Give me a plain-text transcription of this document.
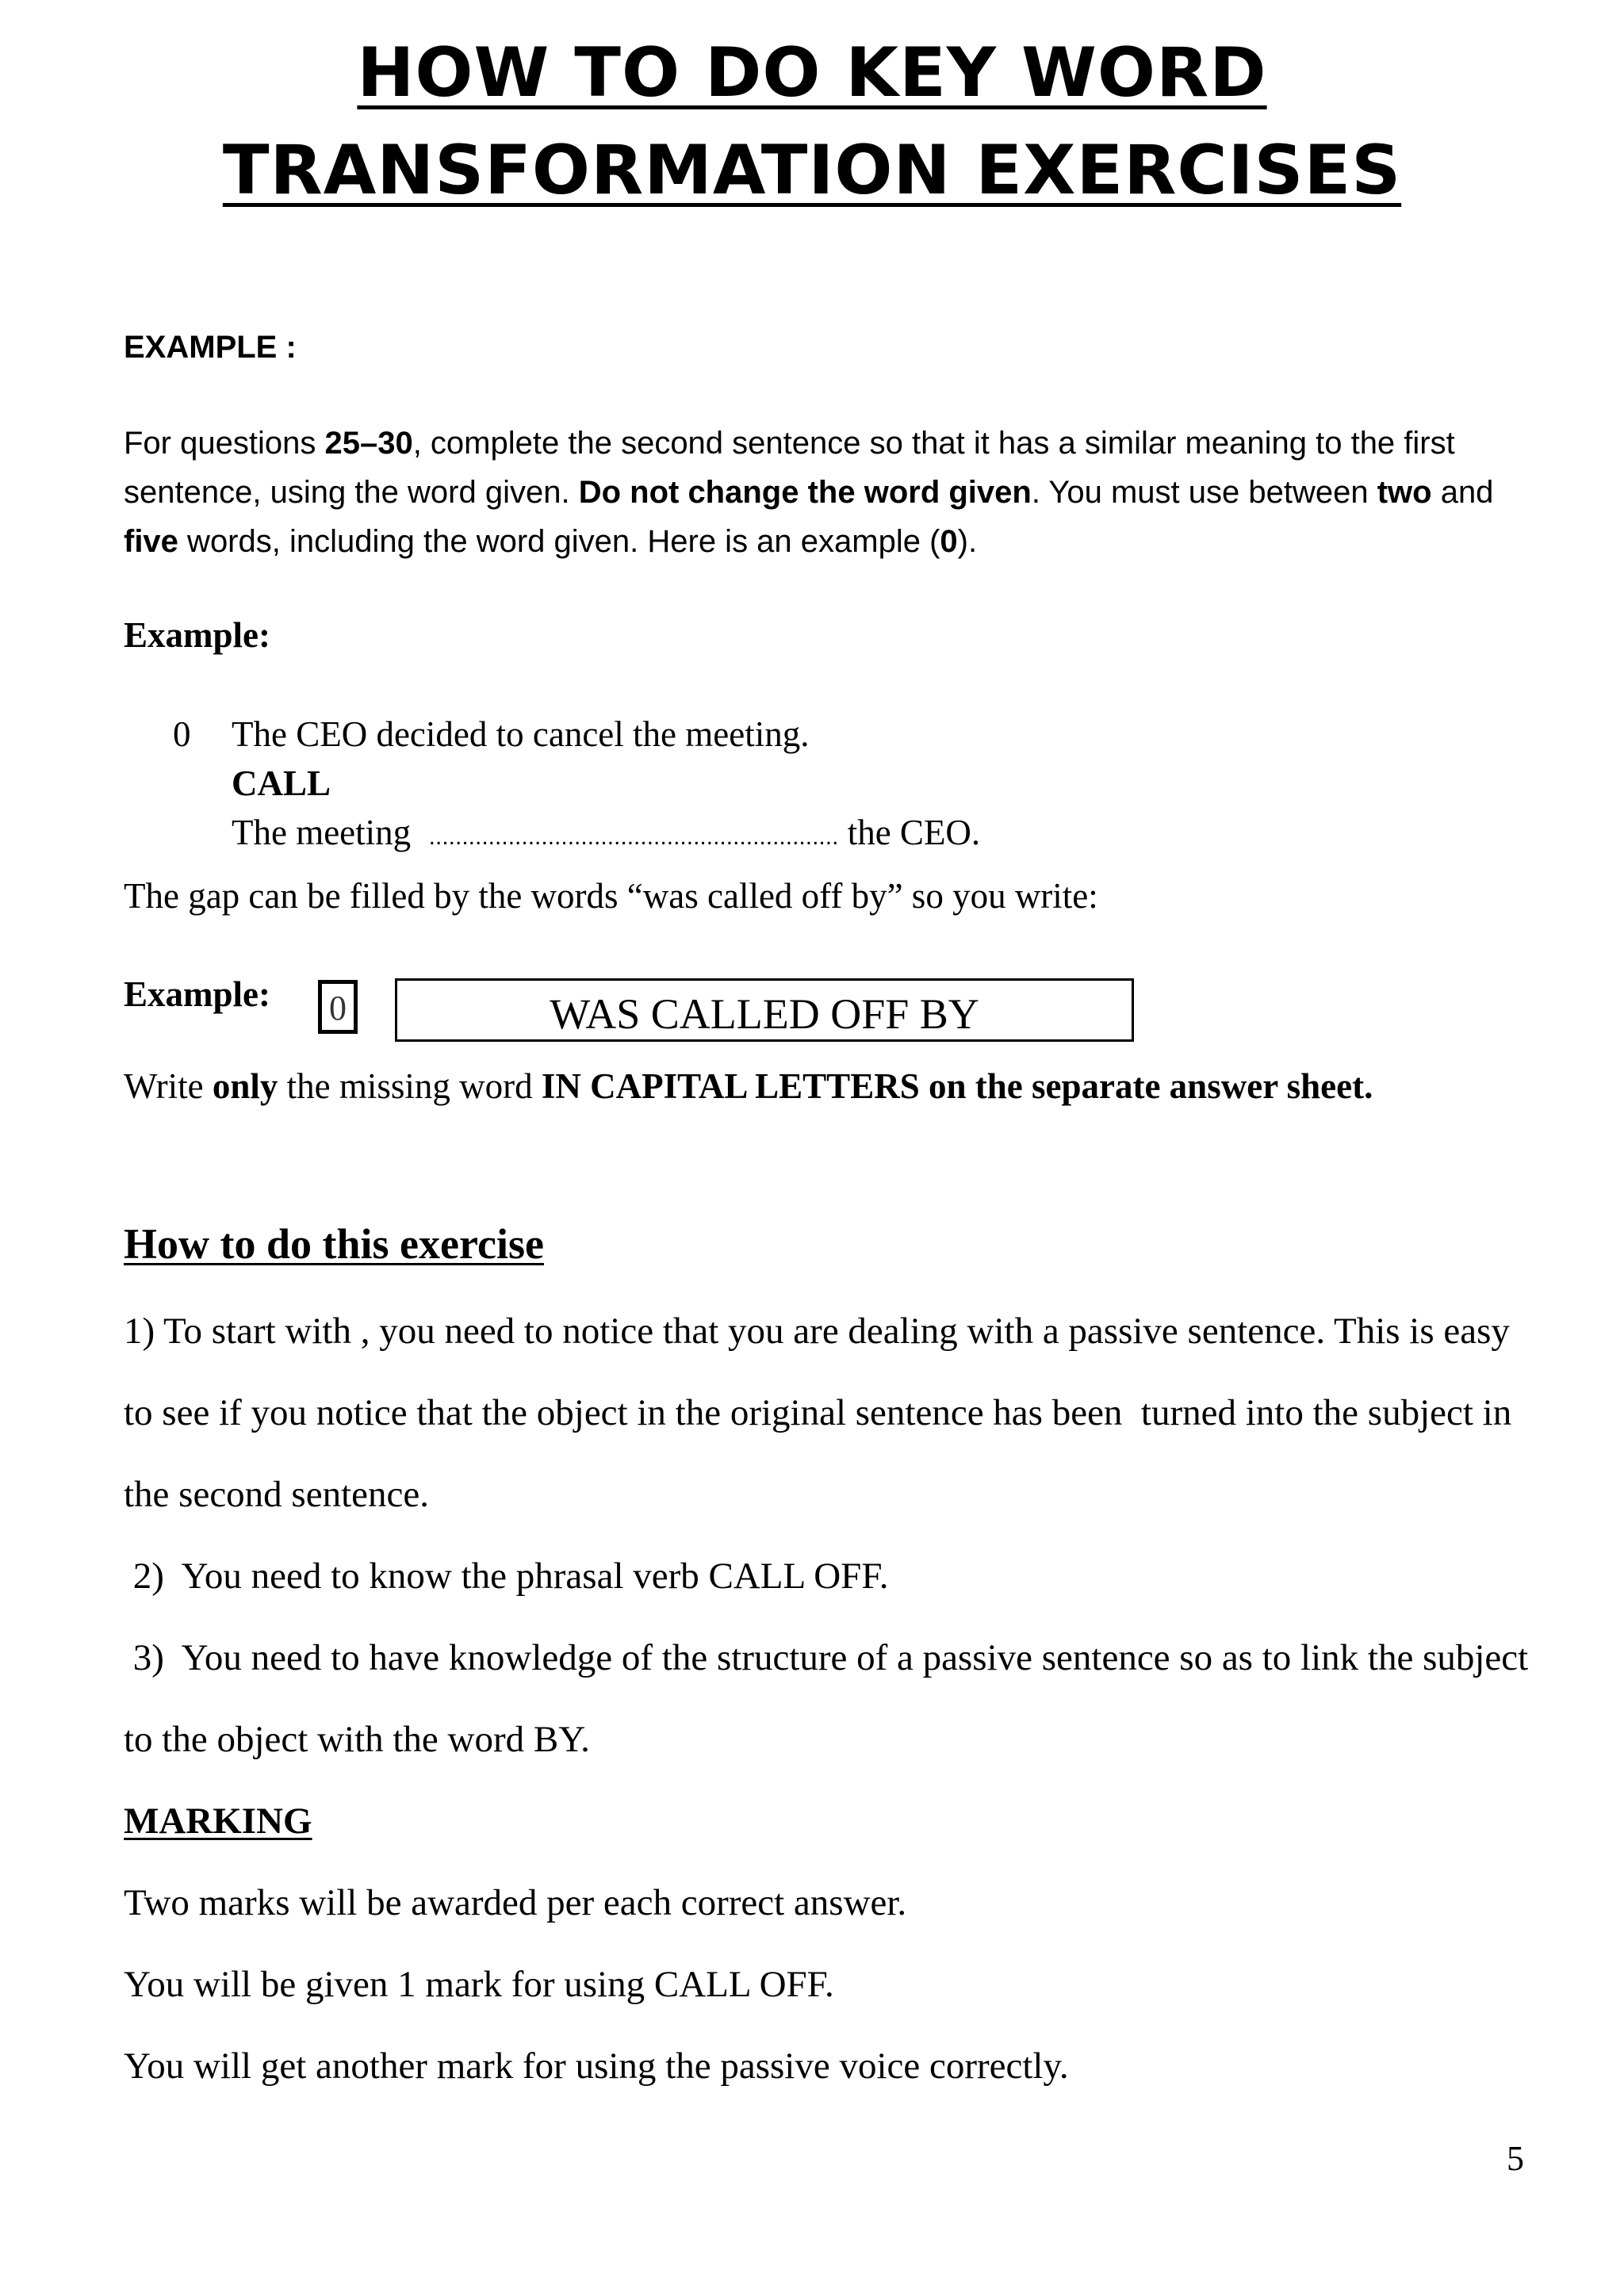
HOW TO DO KEY WORD
TRANSFORMATION EXERCISES
EXAMPLE :

For questions 25–30, complete the second sentence so that it has a similar meaning to the first sentence, using the word given. Do not change the word given. You must use between two and five words, including the word given. Here is an example (0).

Example:
0 The CEO decided to cancel the meeting.
CALL
The meeting  .............................................................. the CEO.
The gap can be filled by the words “was called off by” so you write:
Example:	0	WAS CALLED OFF BY
Write only the missing word IN CAPITAL LETTERS on the separate answer sheet.
How to do this exercise
1) To start with , you need to notice that you are dealing with a passive sentence. This is easy
to see if you notice that the object in the original sentence has been  turned into the subject in
the second sentence.
2)  You need to know the phrasal verb CALL OFF.
3)  You need to have knowledge of the structure of a passive sentence so as to link the subject
to the object with the word BY.
MARKING
Two marks will be awarded per each correct answer.
You will be given 1 mark for using CALL OFF.
You will get another mark for using the passive voice correctly.
5
